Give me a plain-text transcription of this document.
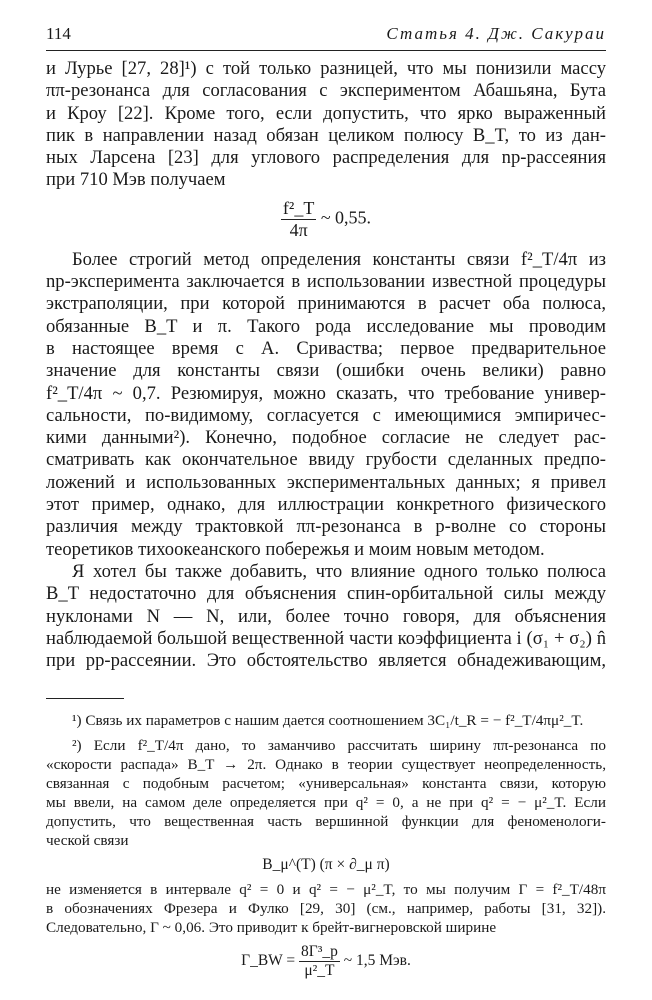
114	Статья 4. Дж. Сакураи
и Лурье [27, 28]¹) с той только разницей, что мы понизили массу
ππ-резонанса для согласования с экспериментом Абашьяна, Бута
и Кроу [22]. Кроме того, если допустить, что ярко выраженный
пик в направлении назад обязан целиком полюсу B_T, то из дан-
ных Ларсена [23] для углового распределения для np-рассеяния
при 710 Мэв получаем
$\frac{\text{f²\_T}}{4\pi}$ ~ 0,55.
Более строгий метод определения константы связи f²_T/4π из
np-эксперимента заключается в использовании известной процедуры
экстраполяции, при которой принимаются в расчет оба полюса,
обязанные B_T и π. Такого рода исследование мы проводим
в настоящее время с А. Сриваства; первое предварительное
значение для константы связи (ошибки очень велики) равно
f²_T/4π ~ 0,7. Резюмируя, можно сказать, что требование универ-
сальности, по-видимому, согласуется с имеющимися эмпиричес-
кими данными²). Конечно, подобное согласие не следует рас-
сматривать как окончательное ввиду грубости сделанных предпо-
ложений и использованных экспериментальных данных; я привел
этот пример, однако, для иллюстрации конкретного физического
различия между трактовкой ππ-резонанса в p-волне со стороны
теоретиков тихоокеанского побережья и моим новым методом.
Я хотел бы также добавить, что влияние одного только полюса
B_T недостаточно для объяснения спин-орбитальной силы между
нуклонами N — N, или, более точно говоря, для объяснения
наблюдаемой большой вещественной части коэффициента i (σ₁ + σ₂) n̂
при pp-рассеянии. Это обстоятельство является обнадеживающим,
¹) Связь их параметров с нашим дается соотношением 3C₁/t_R = − f²_T/4πμ²_T.
²) Если f²_T/4π дано, то заманчиво рассчитать ширину ππ-резонанса по
«скорости распада» B_T → 2π. Однако в теории существует неопределенность,
связанная с подобным расчетом; «универсальная» константа связи, которую
мы ввели, на самом деле определяется при q² = 0, а не при q² = − μ²_T. Если
допустить, что вещественная часть вершинной функции для феноменологи-
ческой связи
B_μ^(T) (π × ∂_μ π)
не изменяется в интервале q² = 0 и q² = − μ²_T, то мы получим Γ = f²_T/48π
в обозначениях Фрезера и Фулко [29, 30] (см., например, работы [31, 32]).
Следовательно, Γ ~ 0,06. Это приводит к брейт-вигнеровской ширине
Γ_BW = $\frac{\text{8Γ³\_p}}{\text{μ²\_T}}$ ~ 1,5 Мэв.
